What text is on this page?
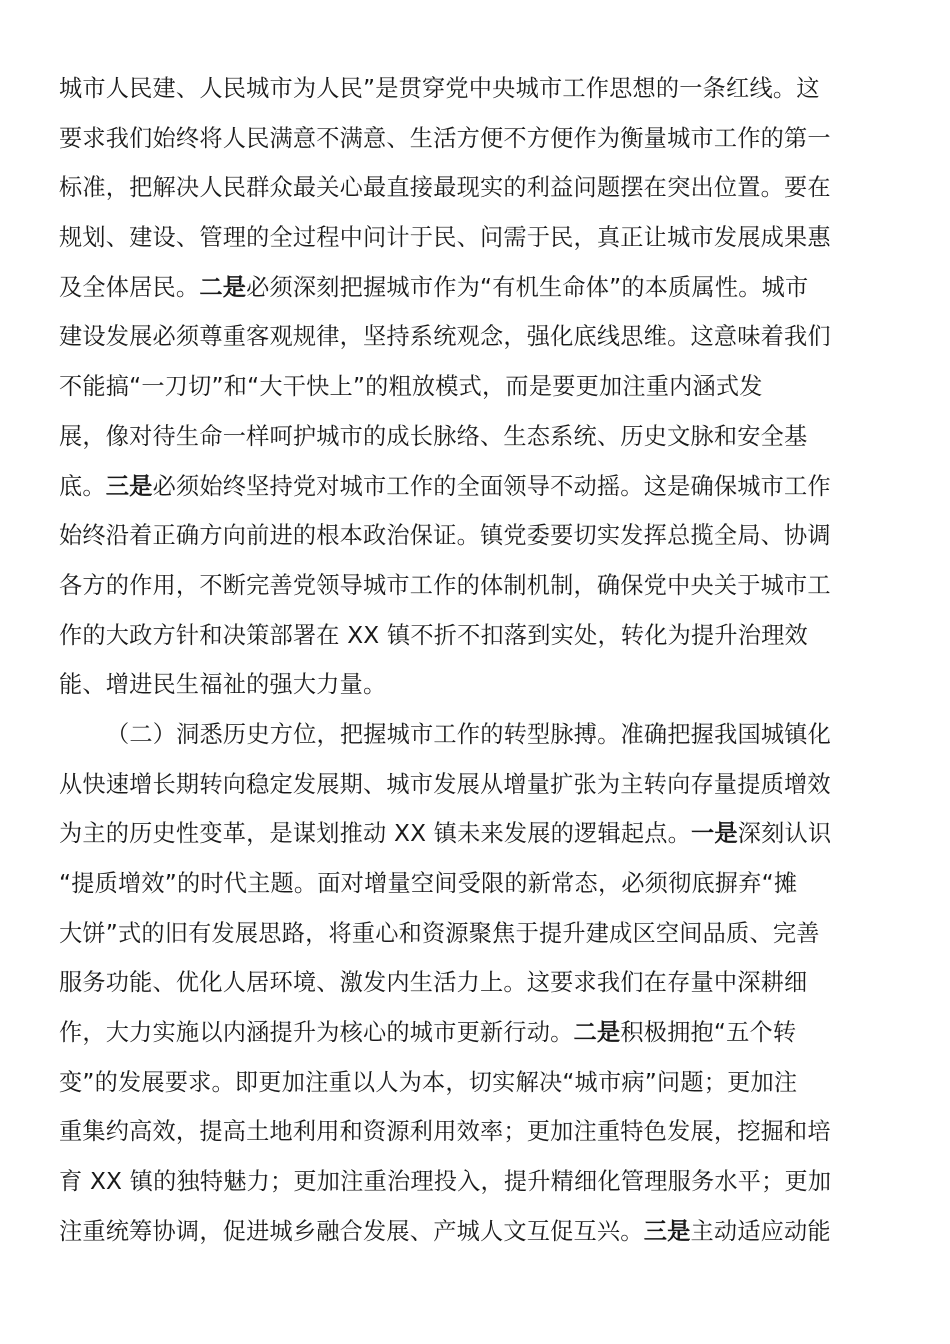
城市人民建、人民城市为人民”是贯穿党中央城市工作思想的一条红线。这
要求我们始终将人民满意不满意、生活方便不方便作为衡量城市工作的第一
标准，把解决人民群众最关心最直接最现实的利益问题摆在突出位置。要在
规划、建设、管理的全过程中问计于民、问需于民，真正让城市发展成果惠
及全体居民。二是必须深刻把握城市作为“有机生命体”的本质属性。城市
建设发展必须尊重客观规律，坚持系统观念，强化底线思维。这意味着我们
不能搞“一刀切”和“大干快上”的粗放模式，而是要更加注重内涵式发
展，像对待生命一样呵护城市的成长脉络、生态系统、历史文脉和安全基
底。三是必须始终坚持党对城市工作的全面领导不动摇。这是确保城市工作
始终沿着正确方向前进的根本政治保证。镇党委要切实发挥总揽全局、协调
各方的作用，不断完善党领导城市工作的体制机制，确保党中央关于城市工
作的大政方针和决策部署在 XX 镇不折不扣落到实处，转化为提升治理效
能、增进民生福祉的强大力量。
（二）洞悉历史方位，把握城市工作的转型脉搏。准确把握我国城镇化
从快速增长期转向稳定发展期、城市发展从增量扩张为主转向存量提质增效
为主的历史性变革，是谋划推动 XX 镇未来发展的逻辑起点。一是深刻认识
“提质增效”的时代主题。面对增量空间受限的新常态，必须彻底摒弃“摊
大饼”式的旧有发展思路，将重心和资源聚焦于提升建成区空间品质、完善
服务功能、优化人居环境、激发内生活力上。这要求我们在存量中深耕细
作，大力实施以内涵提升为核心的城市更新行动。二是积极拥抱“五个转
变”的发展要求。即更加注重以人为本，切实解决“城市病”问题；更加注
重集约高效，提高土地利用和资源利用效率；更加注重特色发展，挖掘和培
育 XX 镇的独特魅力；更加注重治理投入，提升精细化管理服务水平；更加
注重统筹协调，促进城乡融合发展、产城人文互促互兴。三是主动适应动能
